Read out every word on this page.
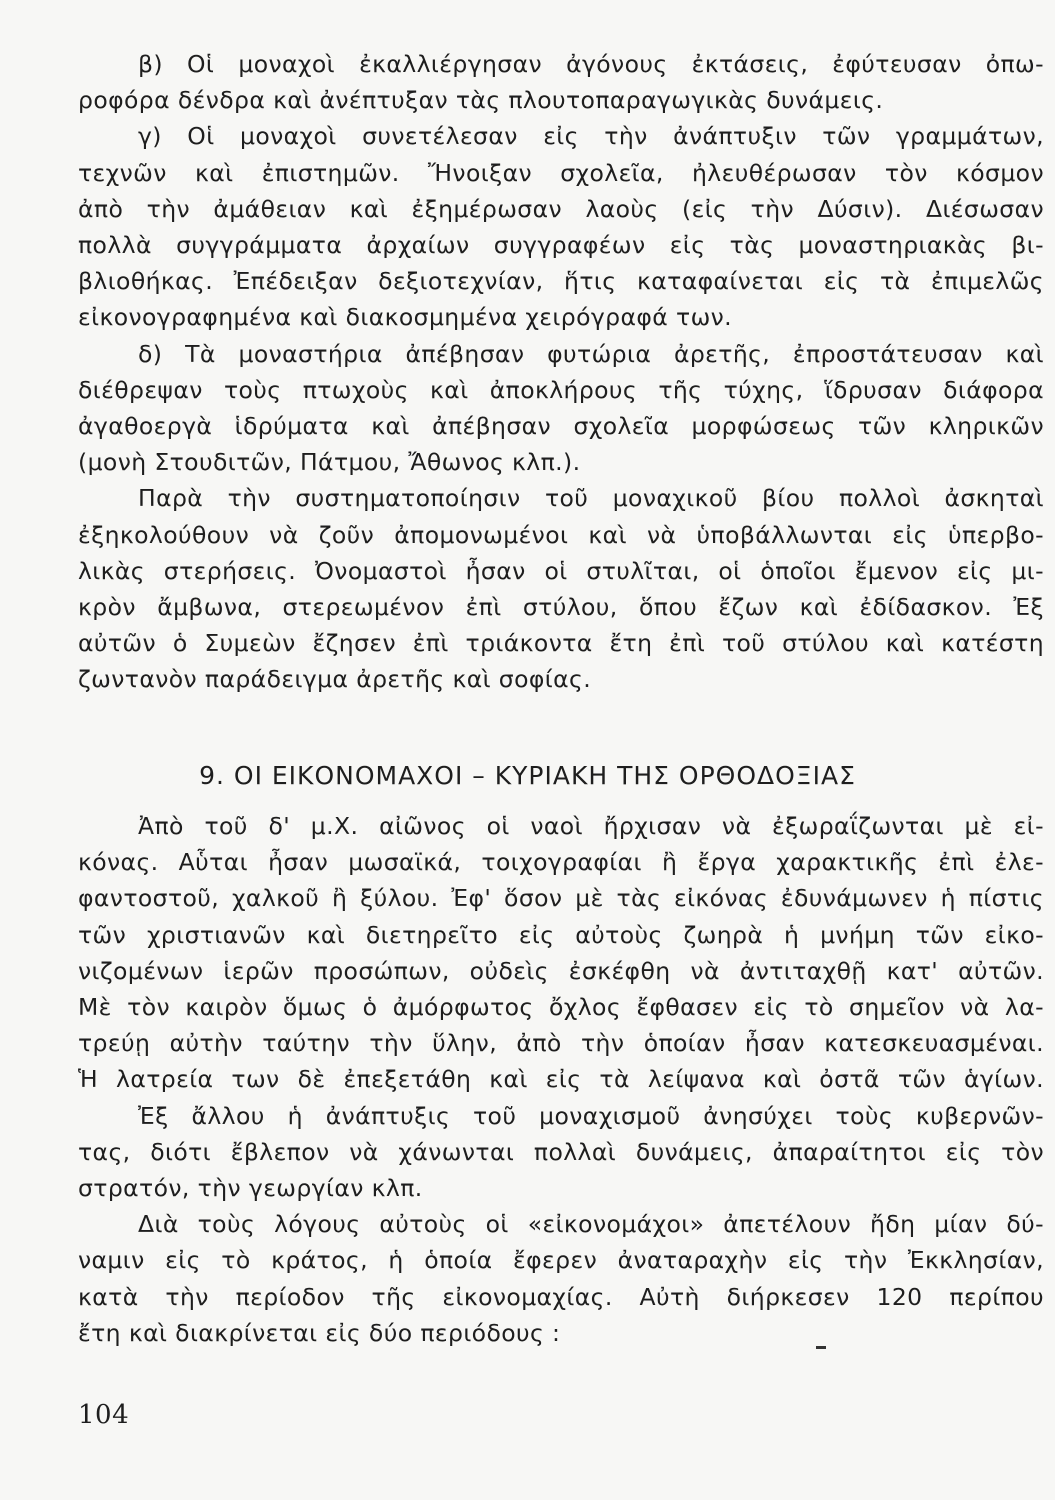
β) Οἱ μοναχοὶ ἐκαλλιέργησαν ἀγόνους ἐκτάσεις, ἐφύτευσαν ὀπω-
ροφόρα δένδρα καὶ ἀνέπτυξαν τὰς πλουτοπαραγωγικὰς δυνάμεις.
γ) Οἱ μοναχοὶ συνετέλεσαν εἰς τὴν ἀνάπτυξιν τῶν γραμμάτων,
τεχνῶν καὶ ἐπιστημῶν. Ἤνοιξαν σχολεῖα, ἠλευθέρωσαν τὸν κόσμον
ἀπὸ τὴν ἀμάθειαν καὶ ἐξημέρωσαν λαοὺς (εἰς τὴν Δύσιν). Διέσωσαν
πολλὰ συγγράμματα ἀρχαίων συγγραφέων εἰς τὰς μοναστηριακὰς βι-
βλιοθήκας. Ἐπέδειξαν δεξιοτεχνίαν, ἥτις καταφαίνεται εἰς τὰ ἐπιμελῶς
εἰκονογραφημένα καὶ διακοσμημένα χειρόγραφά των.
δ) Τὰ μοναστήρια ἀπέβησαν φυτώρια ἀρετῆς, ἐπροστάτευσαν καὶ
διέθρεψαν τοὺς πτωχοὺς καὶ ἀποκλήρους τῆς τύχης, ἵδρυσαν διάφορα
ἀγαθοεργὰ ἱδρύματα καὶ ἀπέβησαν σχολεῖα μορφώσεως τῶν κληρικῶν
(μονὴ Στουδιτῶν, Πάτμου, Ἄθωνος κλπ.).
Παρὰ τὴν συστηματοποίησιν τοῦ μοναχικοῦ βίου πολλοὶ ἀσκηταὶ
ἐξηκολούθουν νὰ ζοῦν ἀπομονωμένοι καὶ νὰ ὑποβάλλωνται εἰς ὑπερβο-
λικὰς στερήσεις. Ὀνομαστοὶ ἦσαν οἱ στυλῖται, οἱ ὁποῖοι ἔμενον εἰς μι-
κρὸν ἄμβωνα, στερεωμένον ἐπὶ στύλου, ὅπου ἔζων καὶ ἐδίδασκον. Ἐξ
αὐτῶν ὁ Συμεὼν ἔζησεν ἐπὶ τριάκοντα ἔτη ἐπὶ τοῦ στύλου καὶ κατέστη
ζωντανὸν παράδειγμα ἀρετῆς καὶ σοφίας.
9. ΟΙ ΕΙΚΟΝΟΜΑΧΟΙ – ΚΥΡΙΑΚΗ ΤΗΣ ΟΡΘΟΔΟΞΙΑΣ
Ἀπὸ τοῦ δ' μ.Χ. αἰῶνος οἱ ναοὶ ἤρχισαν νὰ ἐξωραΐζωνται μὲ εἰ-
κόνας. Αὗται ἦσαν μωσαϊκά, τοιχογραφίαι ἢ ἔργα χαρακτικῆς ἐπὶ ἐλε-
φαντοστοῦ, χαλκοῦ ἢ ξύλου. Ἐφ' ὅσον μὲ τὰς εἰκόνας ἐδυνάμωνεν ἡ πίστις
τῶν χριστιανῶν καὶ διετηρεῖτο εἰς αὐτοὺς ζωηρὰ ἡ μνήμη τῶν εἰκο-
νιζομένων ἱερῶν προσώπων, οὐδεὶς ἐσκέφθη νὰ ἀντιταχθῇ κατ' αὐτῶν.
Μὲ τὸν καιρὸν ὅμως ὁ ἀμόρφωτος ὄχλος ἔφθασεν εἰς τὸ σημεῖον νὰ λα-
τρεύῃ αὐτὴν ταύτην τὴν ὕλην, ἀπὸ τὴν ὁποίαν ἦσαν κατεσκευασμέναι.
Ἡ λατρεία των δὲ ἐπεξετάθη καὶ εἰς τὰ λείψανα καὶ ὀστᾶ τῶν ἁγίων.
Ἐξ ἄλλου ἡ ἀνάπτυξις τοῦ μοναχισμοῦ ἀνησύχει τοὺς κυβερνῶν-
τας, διότι ἔβλεπον νὰ χάνωνται πολλαὶ δυνάμεις, ἀπαραίτητοι εἰς τὸν
στρατόν, τὴν γεωργίαν κλπ.
Διὰ τοὺς λόγους αὐτοὺς οἱ «εἰκονομάχοι» ἀπετέλουν ἤδη μίαν δύ-
ναμιν εἰς τὸ κράτος, ἡ ὁποία ἔφερεν ἀναταραχὴν εἰς τὴν Ἐκκλησίαν,
κατὰ τὴν περίοδον τῆς εἰκονομαχίας. Αὐτὴ διήρκεσεν 120 περίπου
ἔτη καὶ διακρίνεται εἰς δύο περιόδους :
104
